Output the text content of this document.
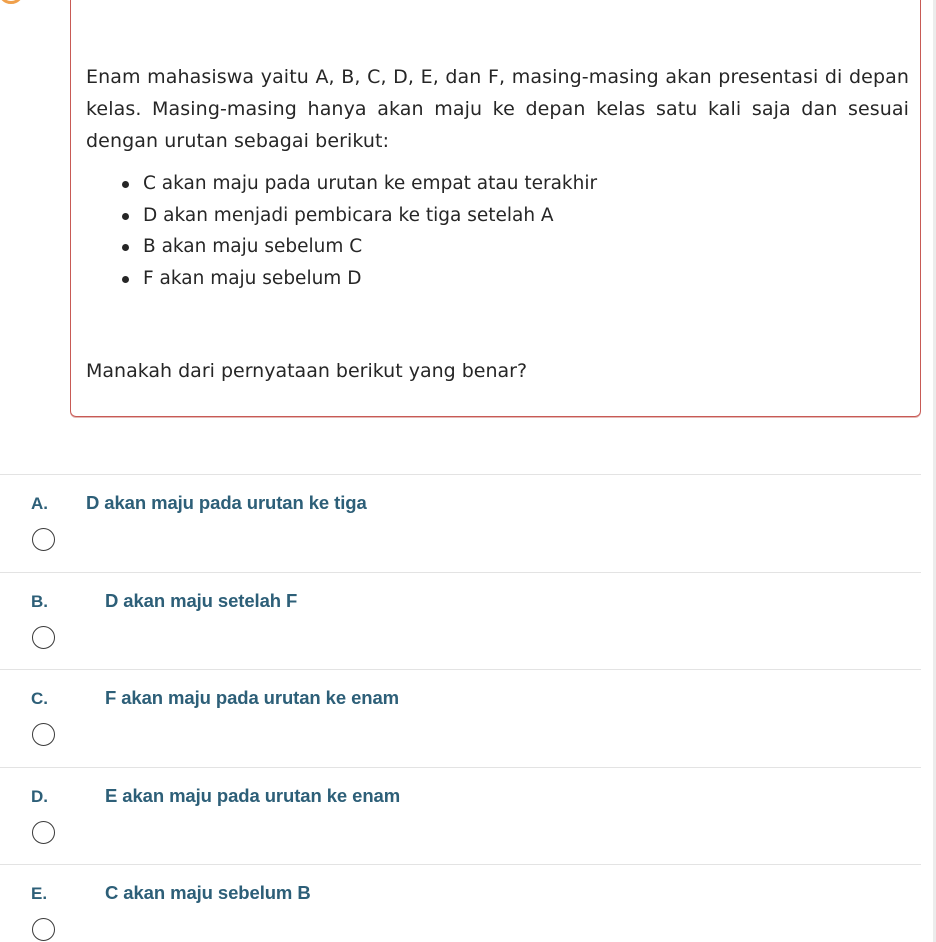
Enam mahasiswa yaitu A, B, C, D, E, dan F, masing-masing akan presentasi di depan kelas. Masing-masing hanya akan maju ke depan kelas satu kali saja dan sesuai dengan urutan sebagai berikut:

C akan maju pada urutan ke empat atau terakhir
D akan menjadi pembicara ke tiga setelah A
B akan maju sebelum C
F akan maju sebelum D

Manakah dari pernyataan berikut yang benar?

A. D akan maju pada urutan ke tiga
B.	D akan maju setelah F
C.	F akan maju pada urutan ke enam
D.	E akan maju pada urutan ke enam
E.	C akan maju sebelum B
